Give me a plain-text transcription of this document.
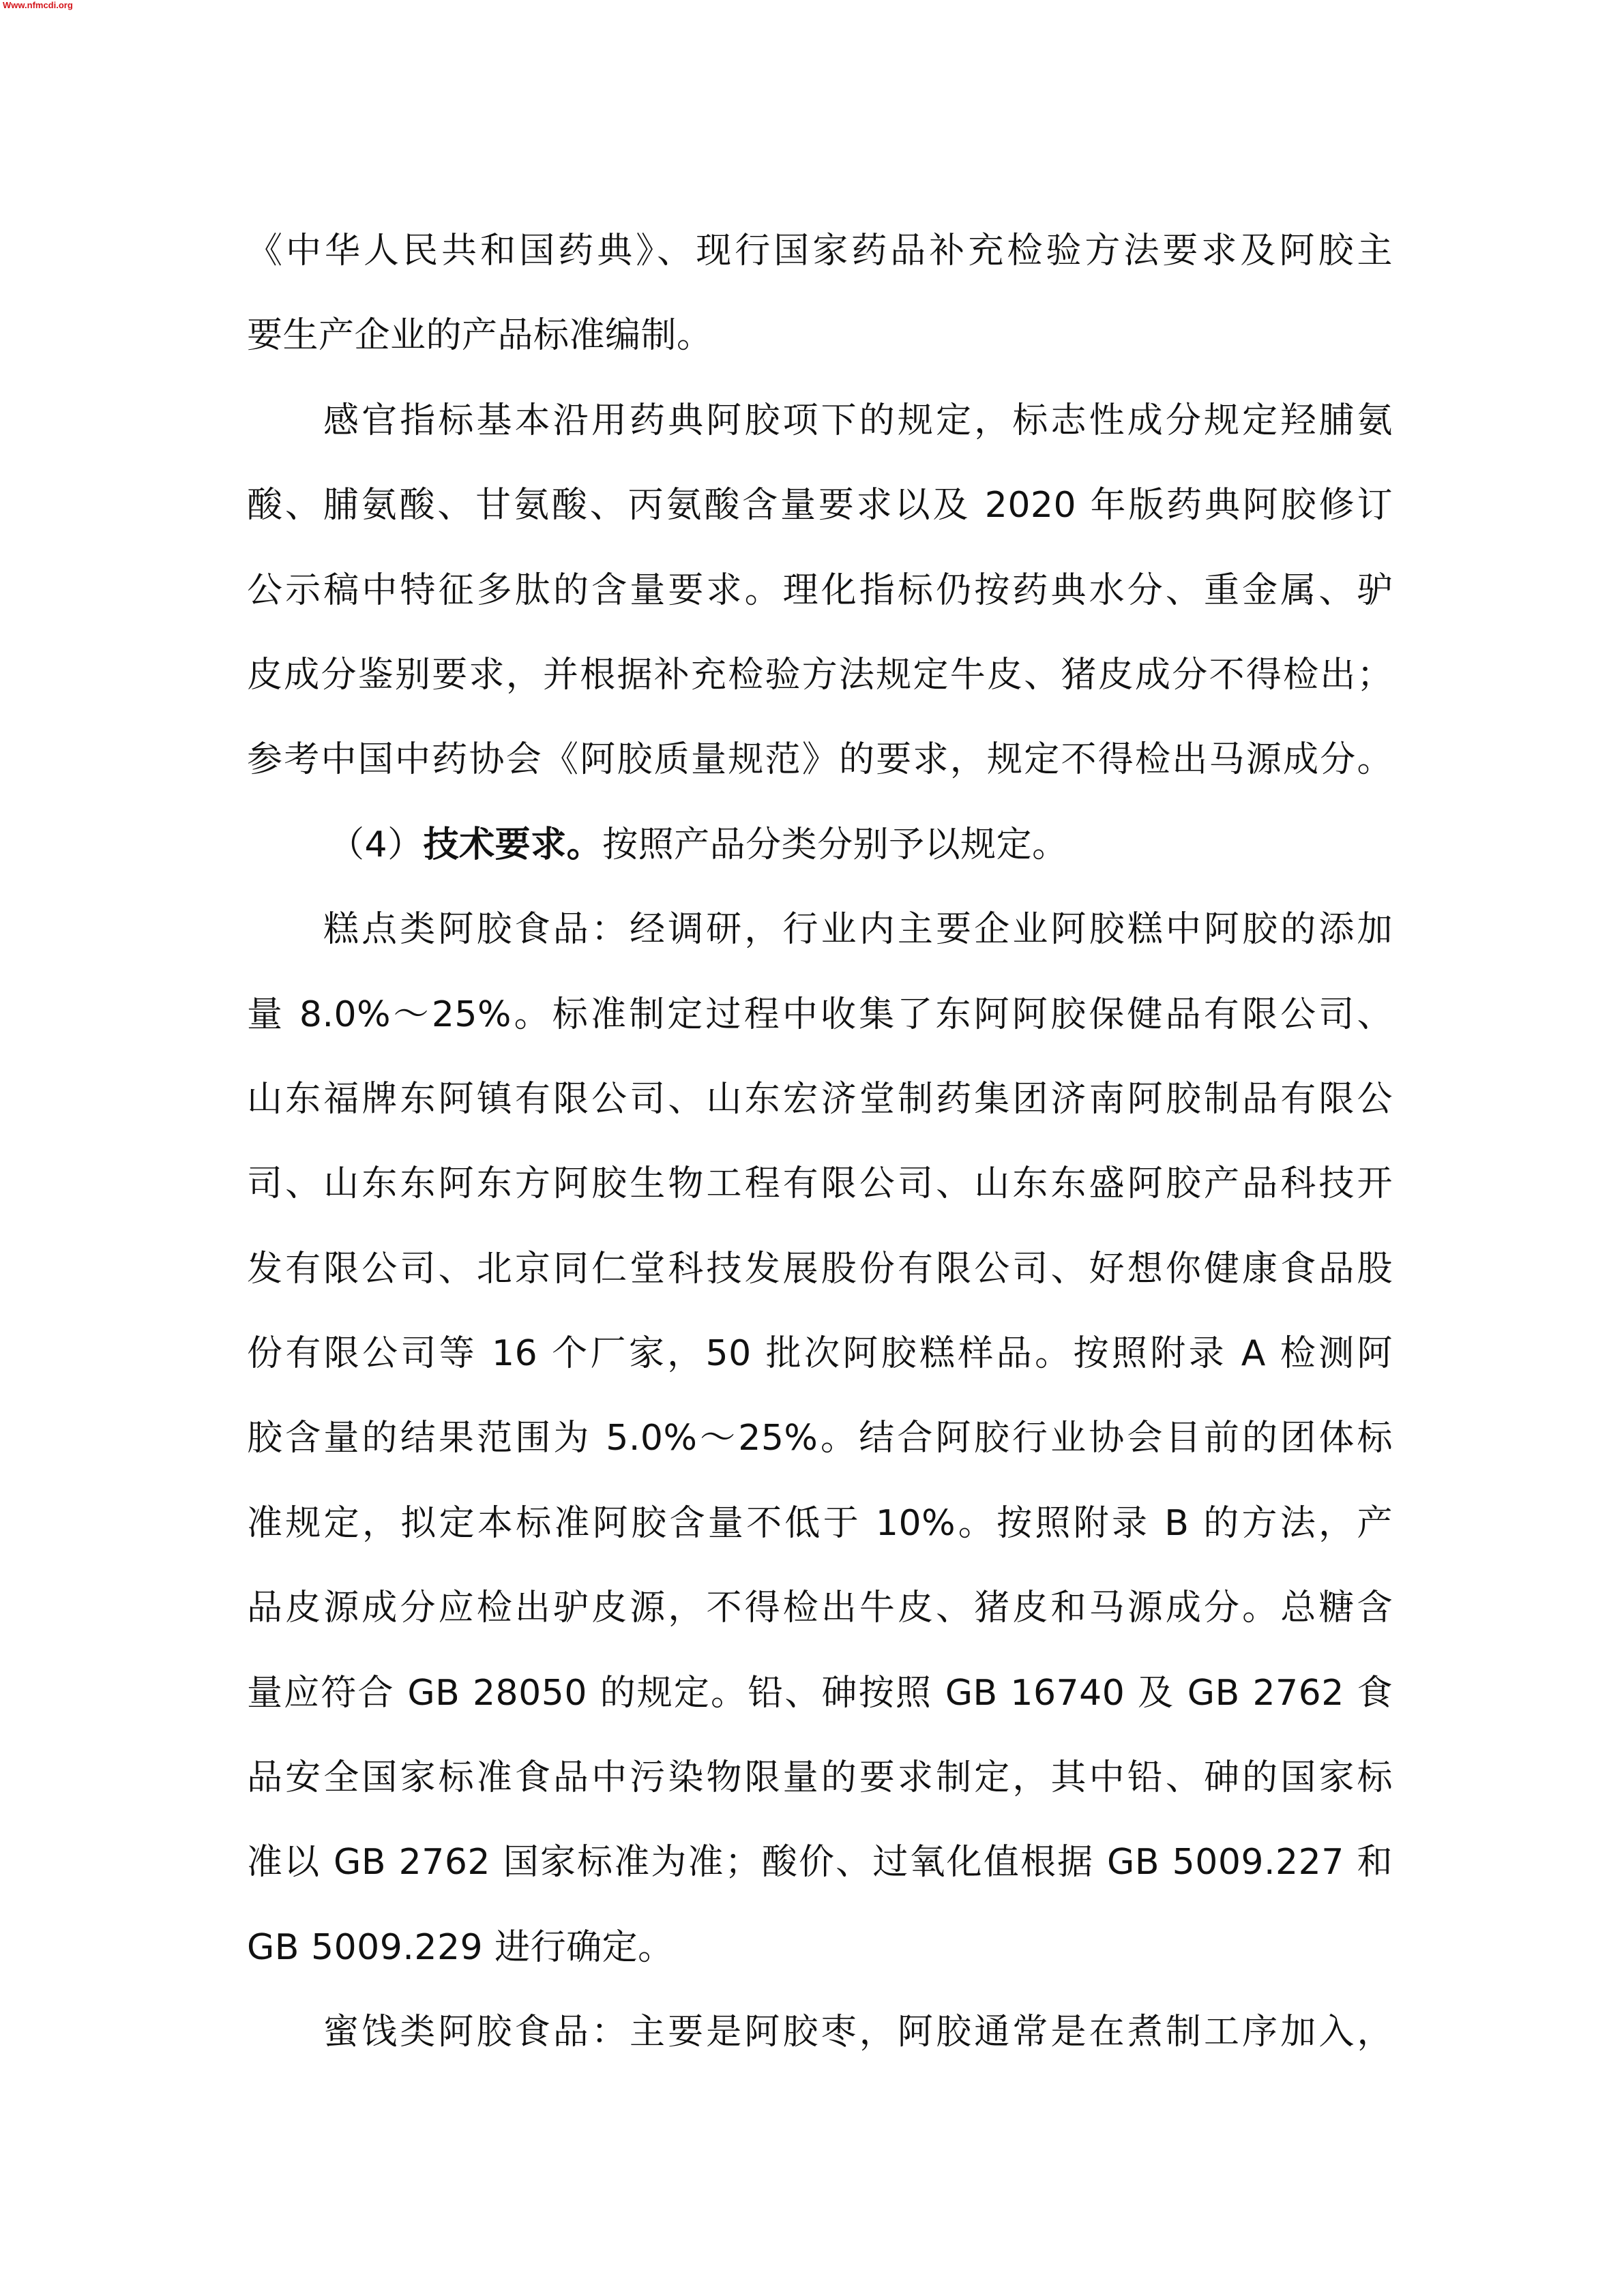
Www.nfmcdi.org
《中华人民共和国药典》、现行国家药品补充检验方法要求及阿胶主
要生产企业的产品标准编制。
感官指标基本沿用药典阿胶项下的规定，标志性成分规定羟脯氨
酸、脯氨酸、甘氨酸、丙氨酸含量要求以及 2020 年版药典阿胶修订
公示稿中特征多肽的含量要求。理化指标仍按药典水分、重金属、驴
皮成分鉴别要求，并根据补充检验方法规定牛皮、猪皮成分不得检出；
参考中国中药协会《阿胶质量规范》的要求，规定不得检出马源成分。
（4）技术要求。按照产品分类分别予以规定。
糕点类阿胶食品：经调研，行业内主要企业阿胶糕中阿胶的添加
量 8.0%～25%。标准制定过程中收集了东阿阿胶保健品有限公司、
山东福牌东阿镇有限公司、山东宏济堂制药集团济南阿胶制品有限公
司、山东东阿东方阿胶生物工程有限公司、山东东盛阿胶产品科技开
发有限公司、北京同仁堂科技发展股份有限公司、好想你健康食品股
份有限公司等 16 个厂家，50 批次阿胶糕样品。按照附录 A 检测阿
胶含量的结果范围为 5.0%～25%。结合阿胶行业协会目前的团体标
准规定，拟定本标准阿胶含量不低于 10%。按照附录 B 的方法，产
品皮源成分应检出驴皮源，不得检出牛皮、猪皮和马源成分。总糖含
量应符合 GB 28050 的规定。铅、砷按照 GB 16740 及 GB 2762 食
品安全国家标准食品中污染物限量的要求制定，其中铅、砷的国家标
准以 GB 2762 国家标准为准；酸价、过氧化值根据 GB 5009.227 和
GB 5009.229 进行确定。
蜜饯类阿胶食品：主要是阿胶枣，阿胶通常是在煮制工序加入，
